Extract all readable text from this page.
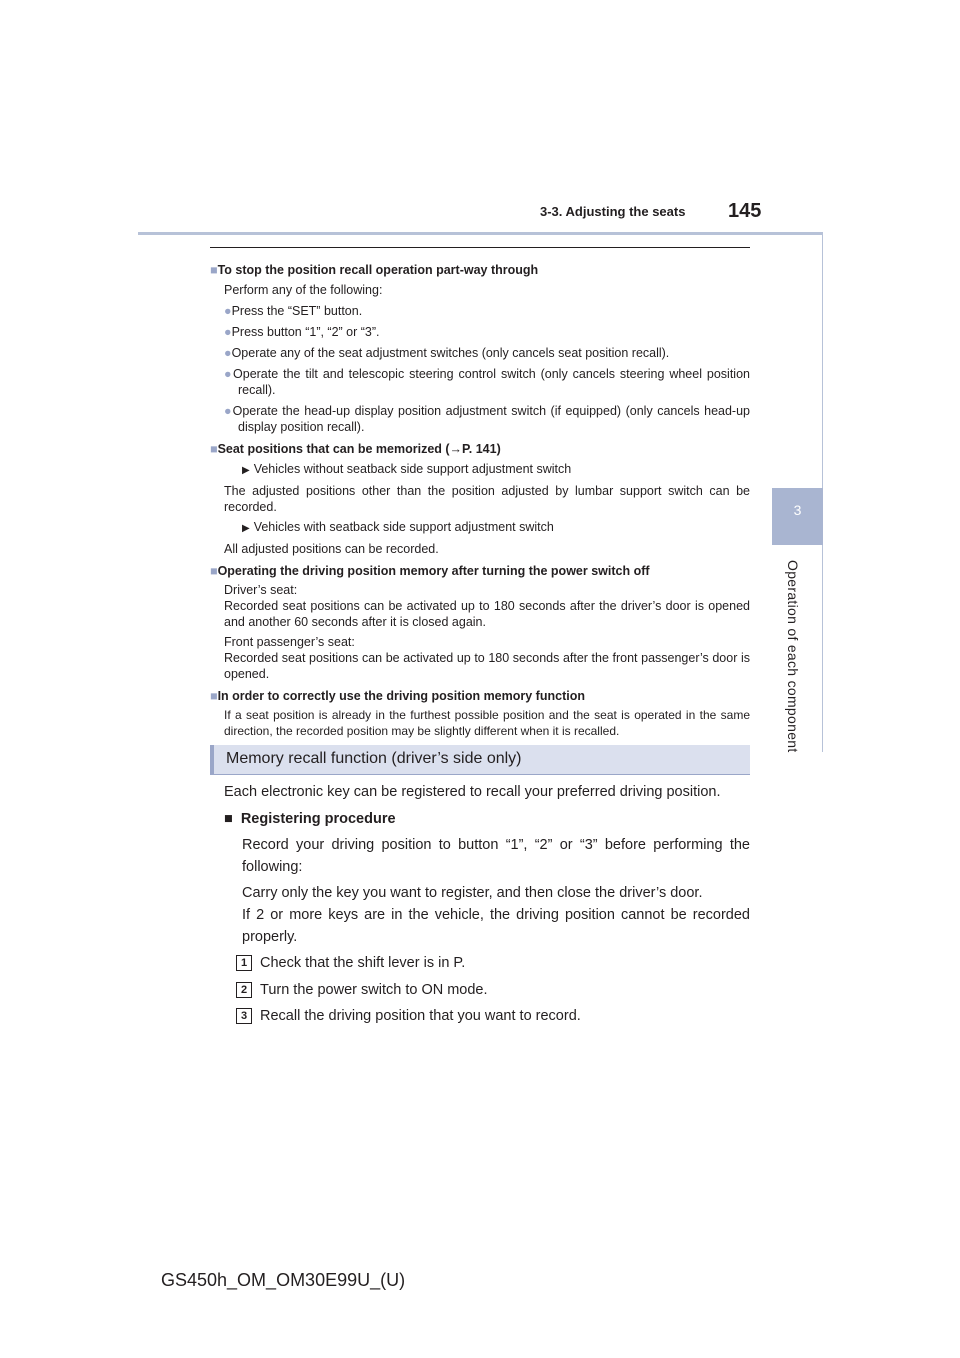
3-3. Adjusting the seats 145
3
Operation of each component
■To stop the position recall operation part-way through
Perform any of the following:
●Press the “SET” button.
●Press button “1”, “2” or “3”.
●Operate any of the seat adjustment switches (only cancels seat position recall).
●Operate the tilt and telescopic steering control switch (only cancels steering wheel position recall).
●Operate the head-up display position adjustment switch (if equipped) (only cancels head-up display position recall).
■Seat positions that can be memorized (→P. 141)
▶ Vehicles without seatback side support adjustment switch
The adjusted positions other than the position adjusted by lumbar support switch can be recorded.
▶ Vehicles with seatback side support adjustment switch
All adjusted positions can be recorded.
■Operating the driving position memory after turning the power switch off
Driver’s seat:
Recorded seat positions can be activated up to 180 seconds after the driver’s door is opened and another 60 seconds after it is closed again.
Front passenger’s seat:
Recorded seat positions can be activated up to 180 seconds after the front passenger’s door is opened.
■In order to correctly use the driving position memory function
If a seat position is already in the furthest possible position and the seat is operated in the same direction, the recorded position may be slightly different when it is recalled.
Memory recall function (driver’s side only)
Each electronic key can be registered to recall your preferred driving position.
■  Registering procedure
Record your driving position to button “1”, “2” or “3” before performing the following:
Carry only the key you want to register, and then close the driver’s door.
If 2 or more keys are in the vehicle, the driving position cannot be recorded properly.
1 Check that the shift lever is in P.
2 Turn the power switch to ON mode.
3 Recall the driving position that you want to record.
GS450h_OM_OM30E99U_(U)
